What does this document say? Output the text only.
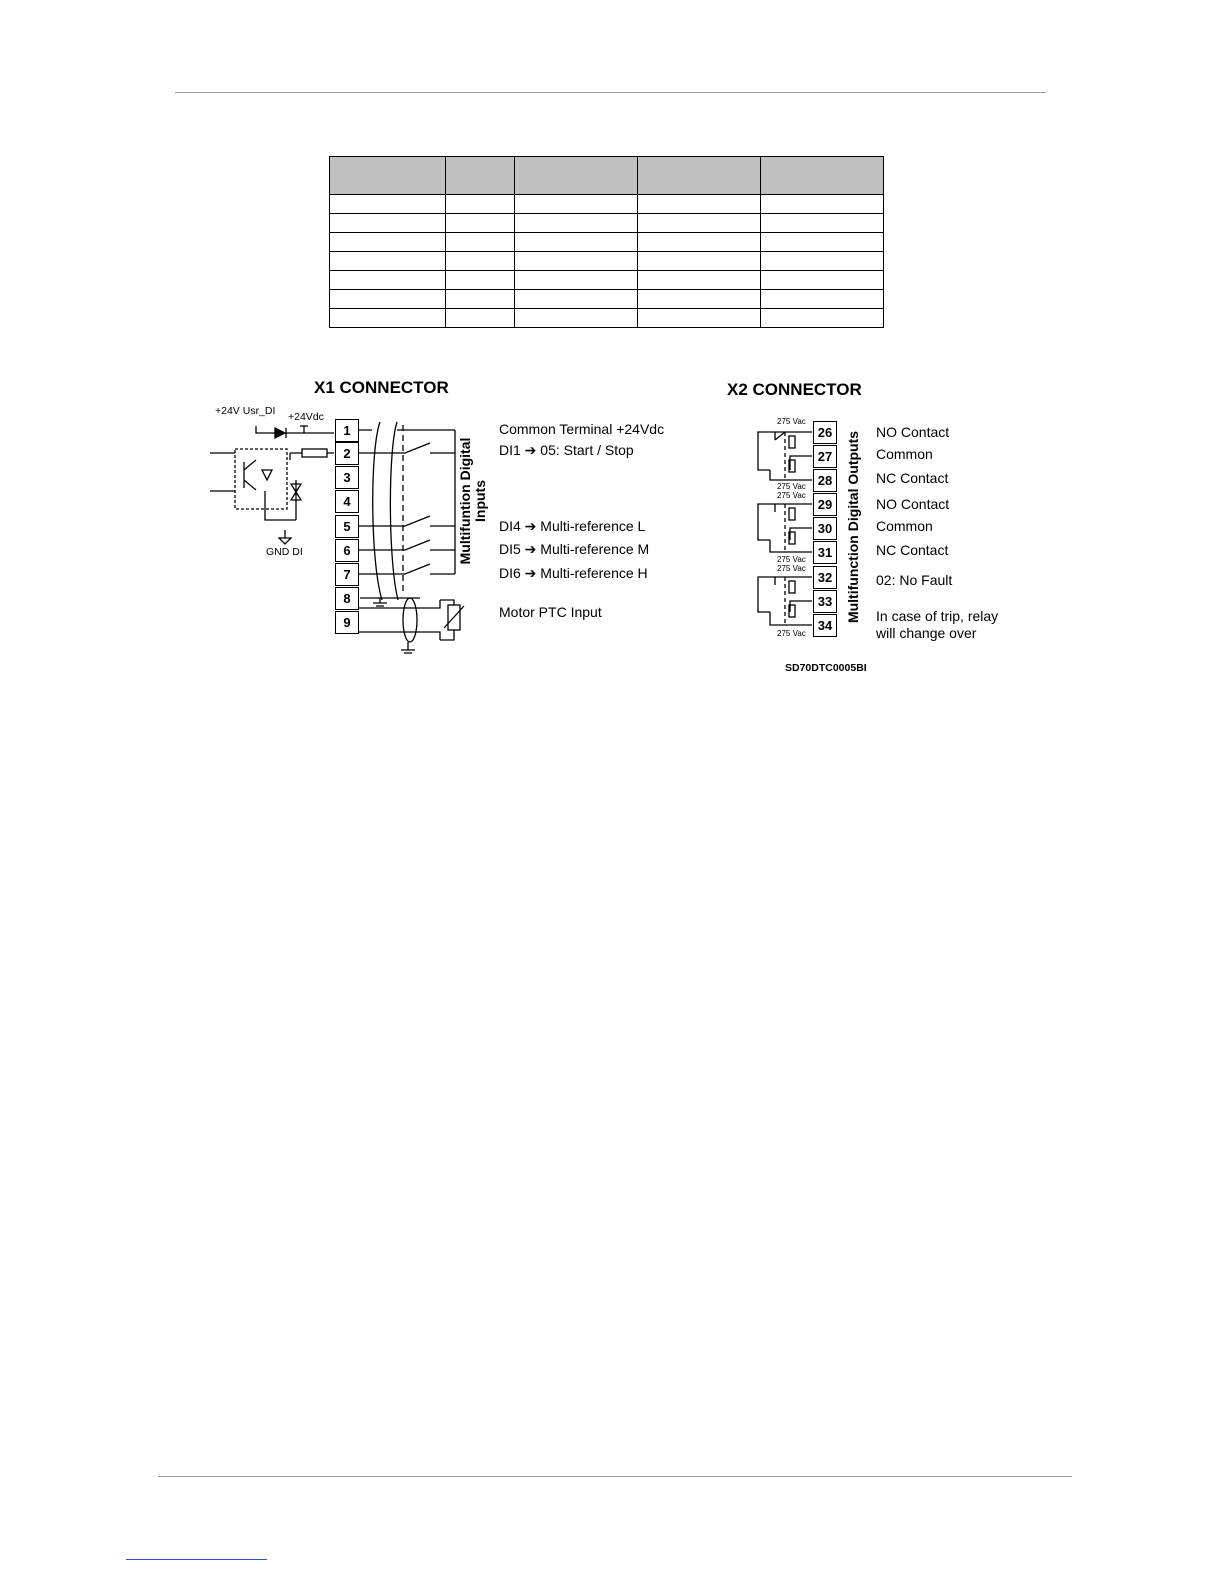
X1 CONNECTOR
+24V Usr_DI +24Vdc
GND DI
1
2
3
4
5
6
7
8
9
Multifuntion Digital
Inputs
Common Terminal +24Vdc
DI1 ➔ 05: Start / Stop
DI4 ➔ Multi-reference L
DI5 ➔ Multi-reference M
DI6 ➔ Multi-reference H
Motor PTC Input
X2 CONNECTOR
26
27
28
29
30
31
32
33
34
Multifunction Digital Outputs
275 Vac
275 Vac
275 Vac
275 Vac
275 Vac
275 Vac
NO Contact
Common
NC Contact
NO Contact
Common
NC Contact
02: No Fault
In case of trip, relay
will change over
SD70DTC0005BI
